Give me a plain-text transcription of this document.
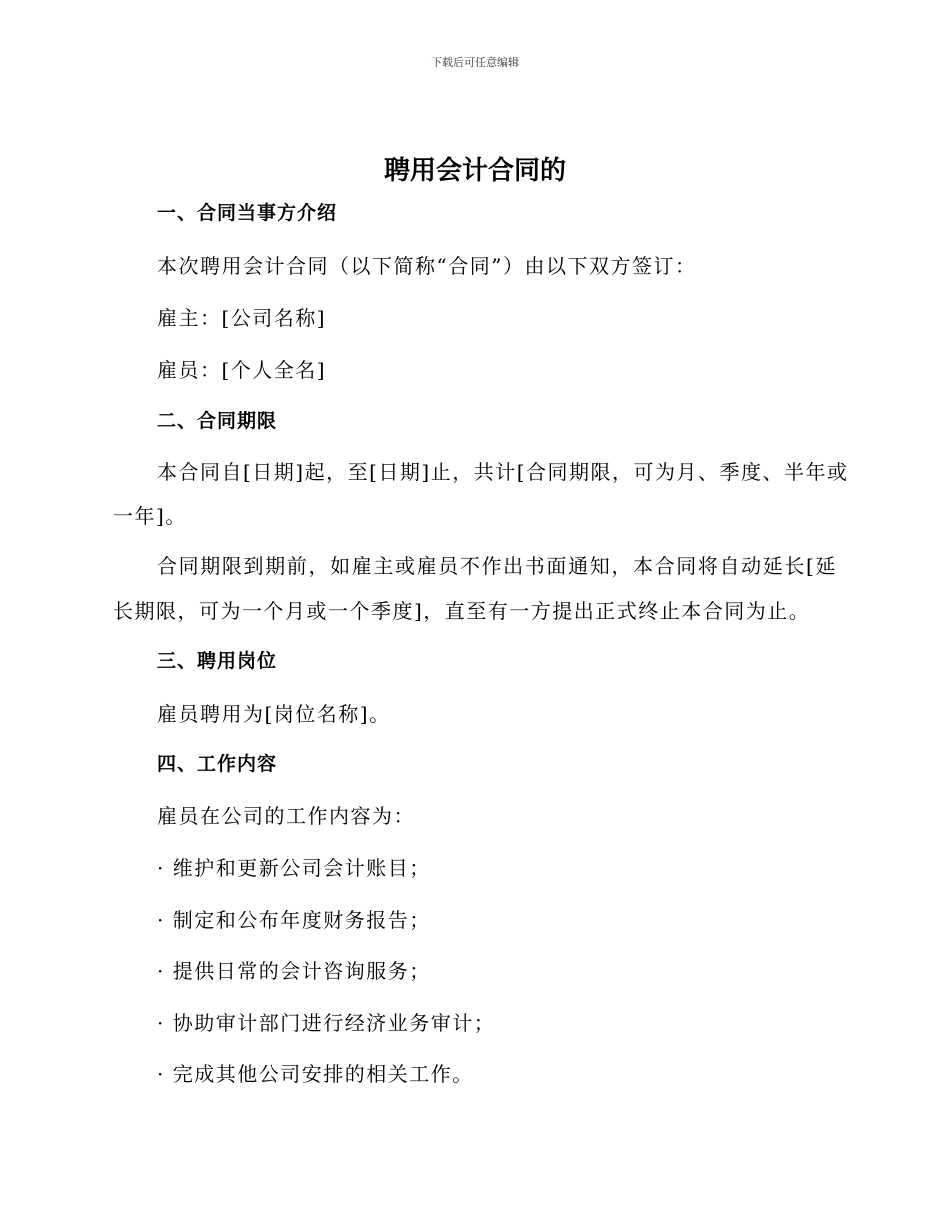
下载后可任意编辑
聘用会计合同的
一、合同当事方介绍
本次聘用会计合同（以下简称“合同”）由以下双方签订：
雇主：[公司名称]
雇员：[个人全名]
二、合同期限
本合同自[日期]起，至[日期]止，共计[合同期限，可为月、季度、半年或
一年]。
合同期限到期前，如雇主或雇员不作出书面通知，本合同将自动延长[延
长期限，可为一个月或一个季度]，直至有一方提出正式终止本合同为止。
三、聘用岗位
雇员聘用为[岗位名称]。
四、工作内容
雇员在公司的工作内容为：
· 维护和更新公司会计账目；
· 制定和公布年度财务报告；
· 提供日常的会计咨询服务；
· 协助审计部门进行经济业务审计；
· 完成其他公司安排的相关工作。
